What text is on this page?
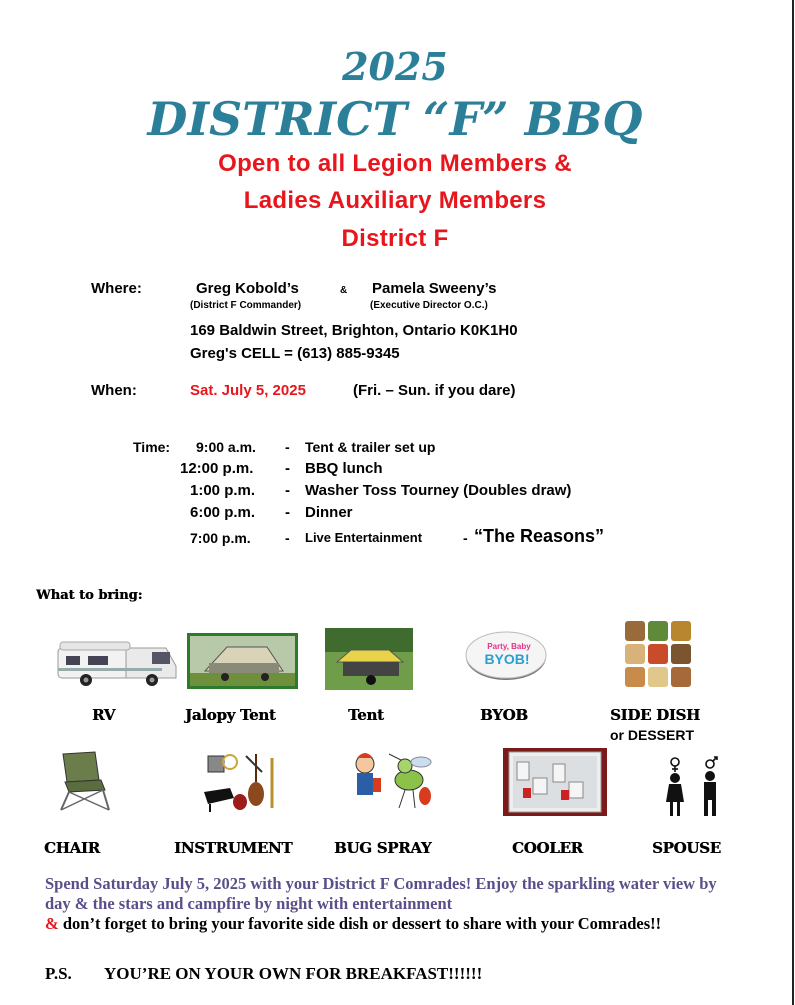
2025
DISTRICT “F” BBQ
Open to all Legion Members &
Ladies Auxiliary Members
District F
Where:	Greg Kobold’s	& Pamela Sweeny’s
(District F Commander)	(Executive Director O.C.)
169 Baldwin Street, Brighton, Ontario K0K1H0
Greg's CELL = (613) 885-9345
When:	Sat. July 5, 2025	(Fri. – Sun. if you dare)
Time: 9:00 a.m. - Tent & trailer set up
12:00 p.m. - BBQ lunch
1:00 p.m. - Washer Toss Tourney (Doubles draw)
6:00 p.m. - Dinner
7:00 p.m. - Live Entertainment	- “The Reasons”
What to bring:
Party, Baby
BYOB!
RV	Jalopy Tent	Tent	BYOB	SIDE DISH
or DESSERT
CHAIR	INSTRUMENT	BUG SPRAY	COOLER	SPOUSE
Spend Saturday July 5, 2025 with your District F Comrades! Enjoy the sparkling water view by day & the stars and campfire by night with entertainment
& don’t forget to bring your favorite side dish or dessert to share with your Comrades!!
P.S. YOU’RE ON YOUR OWN FOR BREAKFAST!!!!!!
